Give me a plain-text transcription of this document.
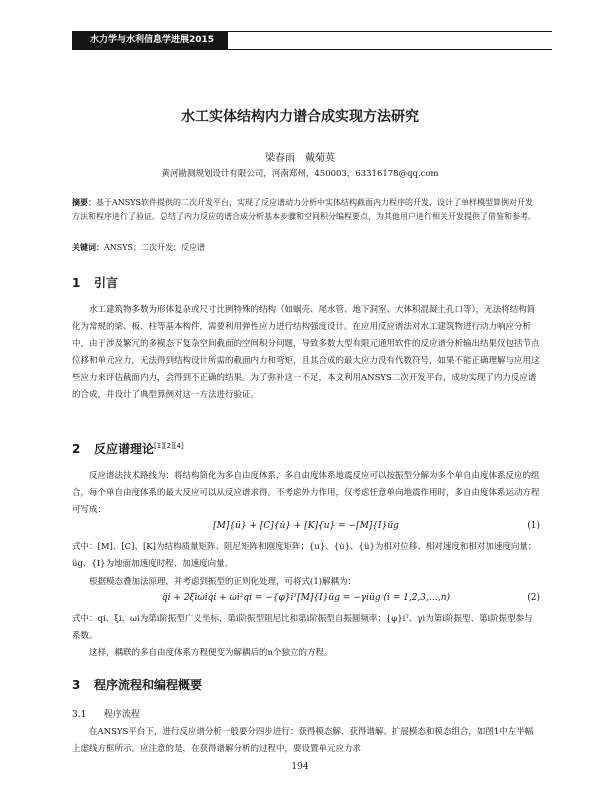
水力学与水利信息学进展2015
水工实体结构内力谱合成实现方法研究
梁春雨　戴菊英
黄河勘测规划设计有限公司，河南郑州，450003，63316178@qq.com
摘要：基于ANSYS软件提供的二次开发平台，实现了反应谱动力分析中实体结构截面内力程序的开发，设计了单样模型算例对开发方法和程序进行了验证。总结了内力反应的谱合成分析基本步骤和空间积分编程要点，为其他用户进行相关开发提供了借鉴和参考。
关键词：ANSYS；二次开发；反应谱
1 引言
水工建筑物多数为形体复杂或尺寸比例特殊的结构（如蜗壳、尾水管、地下洞室、大体积混凝土孔口等），无法将结构简化为常规的梁、板、柱等基本构件，需要利用弹性应力进行结构强度设计。在应用反应谱法对水工建筑物进行动力响应分析中，由于涉及繁冗的多模态下复杂空间截面的空间积分问题，导致多数大型有限元通用软件的反应谱分析输出结果仅包括节点位移和单元应力，无法得到结构设计所需的截面内力和弯矩，且其合成的最大应力没有代数符号，如果不能正确理解与应用这些应力来评估截面内力，会得到不正确的结果。为了弥补这一不足，本文利用ANSYS二次开发平台，成功实现了内力反应谱的合成，并设计了典型算例对这一方法进行验证。
2 反应谱理论[1][2][4]
反应谱法技术路线为：将结构简化为多自由度体系，多自由度体系地震反应可以按振型分解为多个单自由度体系反应的组合，每个单自由度体系的最大反应可以从反应谱求得。不考虑外力作用，仅考虑任意单向地震作用时，多自由度体系运动方程可写成：
[M]{ü} + [C]{u̇} + [K]{u} = −[M]{I}üg	(1)
式中：[M]、[C]、[K]为结构质量矩阵、阻尼矩阵和刚度矩阵；{u}、{u̇}、{ü}为相对位移、相对速度和相对加速度向量；üg、{I}为地面加速度时程、加速度向量。
根据模态叠加法原理，并考虑到振型的正则化处理，可将式(1)解耦为：
q̈i + 2ξiωiq̇i + ωi²qi = −{φ}iᵀ[M]{I}üg = −γiüg (i = 1,2,3,…,n)	(2)
式中：qi、ξi、ωi为第i阶振型广义坐标、第i阶振型阻尼比和第i阶振型自振圆频率；{φ}iᵀ、γi为第i阶振型、第i阶振型参与系数。
这样，耦联的多自由度体系方程便变为解耦后的n个独立的方程。
3 程序流程和编程概要
3.1 程序流程
在ANSYS平台下，进行反应谱分析一般要分四步进行：获得模态解、获得谱解、扩展模态和模态组合，如图1中左半幅上虚线方框所示。应注意的是，在获得谱解分析的过程中，要设置单元应力求
194
